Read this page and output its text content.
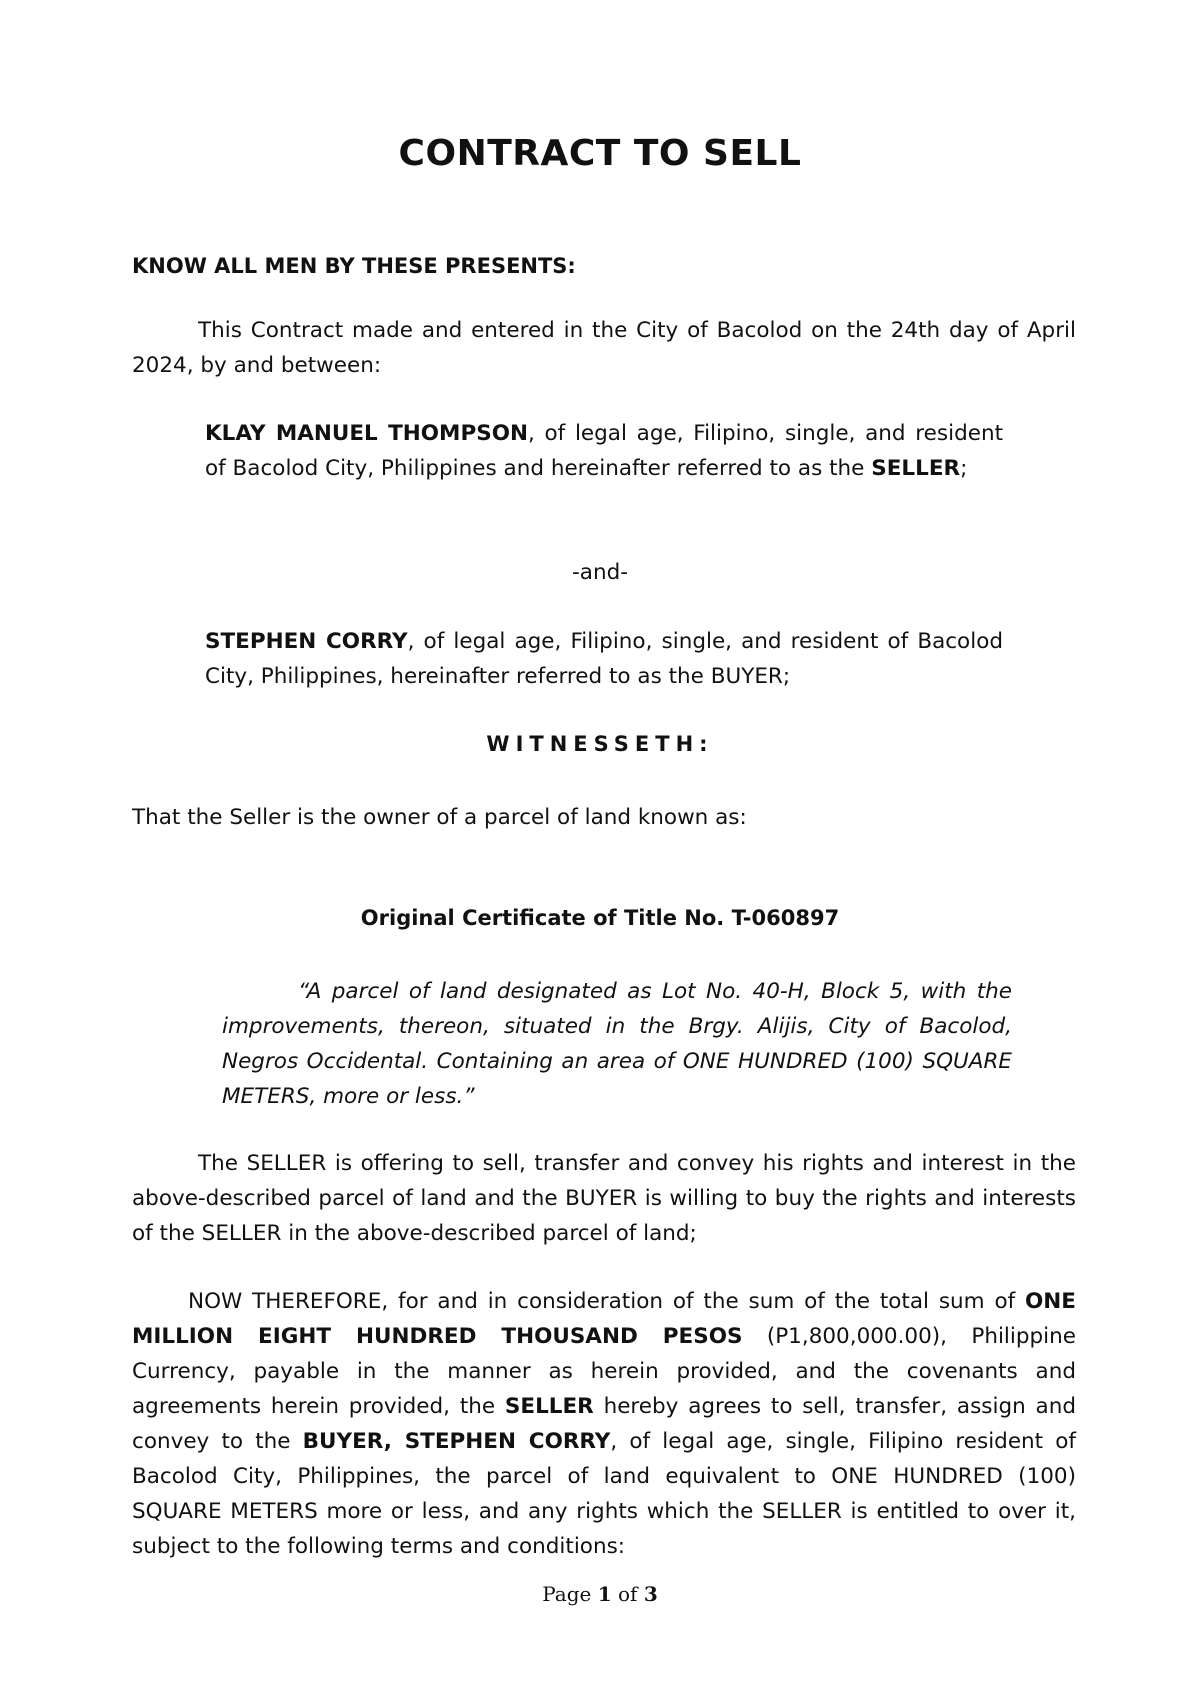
CONTRACT TO SELL

KNOW ALL MEN BY THESE PRESENTS:

This Contract made and entered in the City of Bacolod on the 24th day of April 2024, by and between:

KLAY MANUEL THOMPSON, of legal age, Filipino, single, and resident of Bacolod City, Philippines and hereinafter referred to as the SELLER;

-and-

STEPHEN CORRY, of legal age, Filipino, single, and resident of Bacolod City, Philippines, hereinafter referred to as the BUYER;

WITNESSETH:

That the Seller is the owner of a parcel of land known as:

Original Certificate of Title No. T-060897

“A parcel of land designated as Lot No. 40-H, Block 5, with the improvements, thereon, situated in the Brgy. Alijis, City of Bacolod, Negros Occidental. Containing an area of ONE HUNDRED (100) SQUARE METERS, more or less.”

The SELLER is offering to sell, transfer and convey his rights and interest in the above-described parcel of land and the BUYER is willing to buy the rights and interests of the SELLER in the above-described parcel of land;

NOW THEREFORE, for and in consideration of the sum of the total sum of ONE MILLION EIGHT HUNDRED THOUSAND PESOS (P1,800,000.00), Philippine Currency, payable in the manner as herein provided, and the covenants and agreements herein provided, the SELLER hereby agrees to sell, transfer, assign and convey to the BUYER, STEPHEN CORRY, of legal age, single, Filipino resident of Bacolod City, Philippines, the parcel of land equivalent to ONE HUNDRED (100) SQUARE METERS more or less, and any rights which the SELLER is entitled to over it, subject to the following terms and conditions:

Page 1 of 3
